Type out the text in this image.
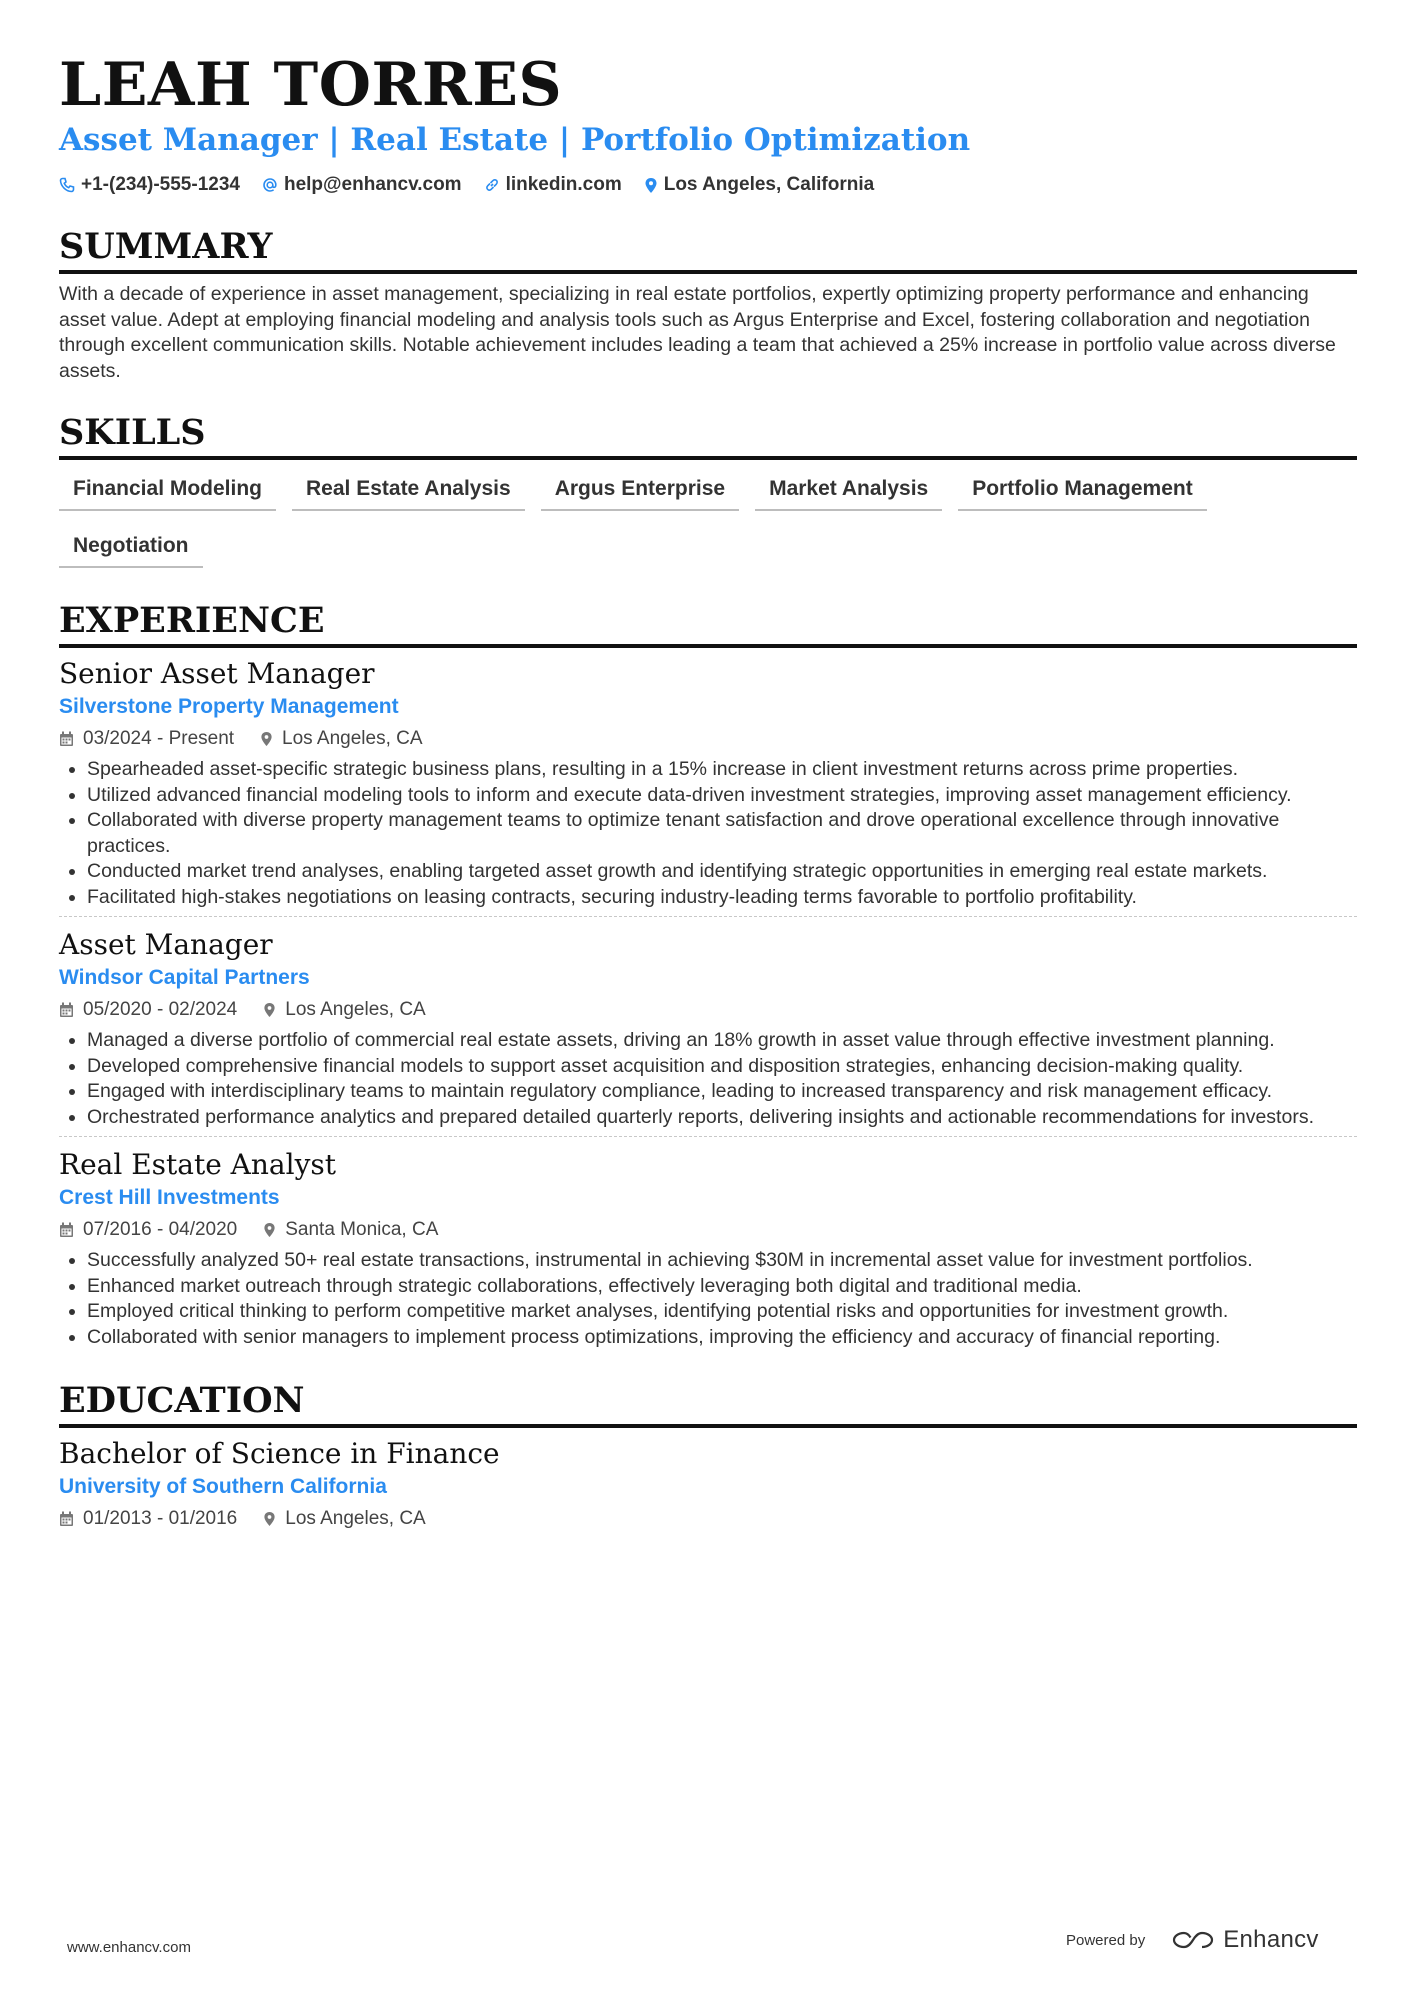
LEAH TORRES
Asset Manager | Real Estate | Portfolio Optimization
+1-(234)-555-1234 help@enhancv.com linkedin.com Los Angeles, California
SUMMARY
With a decade of experience in asset management, specializing in real estate portfolios, expertly optimizing property performance and enhancing asset value. Adept at employing financial modeling and analysis tools such as Argus Enterprise and Excel, fostering collaboration and negotiation through excellent communication skills. Notable achievement includes leading a team that achieved a 25% increase in portfolio value across diverse assets.
SKILLS
Financial Modeling	Real Estate Analysis	Argus Enterprise	Market Analysis	Portfolio Management
Negotiation
EXPERIENCE
Senior Asset Manager
Silverstone Property Management
03/2024 - Present	Los Angeles, CA
• Spearheaded asset-specific strategic business plans, resulting in a 15% increase in client investment returns across prime properties.
• Utilized advanced financial modeling tools to inform and execute data-driven investment strategies, improving asset management efficiency.
• Collaborated with diverse property management teams to optimize tenant satisfaction and drove operational excellence through innovative practices.
• Conducted market trend analyses, enabling targeted asset growth and identifying strategic opportunities in emerging real estate markets.
• Facilitated high-stakes negotiations on leasing contracts, securing industry-leading terms favorable to portfolio profitability.
Asset Manager
Windsor Capital Partners
05/2020 - 02/2024	Los Angeles, CA
• Managed a diverse portfolio of commercial real estate assets, driving an 18% growth in asset value through effective investment planning.
• Developed comprehensive financial models to support asset acquisition and disposition strategies, enhancing decision-making quality.
• Engaged with interdisciplinary teams to maintain regulatory compliance, leading to increased transparency and risk management efficacy.
• Orchestrated performance analytics and prepared detailed quarterly reports, delivering insights and actionable recommendations for investors.
Real Estate Analyst
Crest Hill Investments
07/2016 - 04/2020	Santa Monica, CA
• Successfully analyzed 50+ real estate transactions, instrumental in achieving $30M in incremental asset value for investment portfolios.
• Enhanced market outreach through strategic collaborations, effectively leveraging both digital and traditional media.
• Employed critical thinking to perform competitive market analyses, identifying potential risks and opportunities for investment growth.
• Collaborated with senior managers to implement process optimizations, improving the efficiency and accuracy of financial reporting.
EDUCATION
Bachelor of Science in Finance
University of Southern California
01/2013 - 01/2016	Los Angeles, CA
www.enhancv.com	Powered by	Enhancv
